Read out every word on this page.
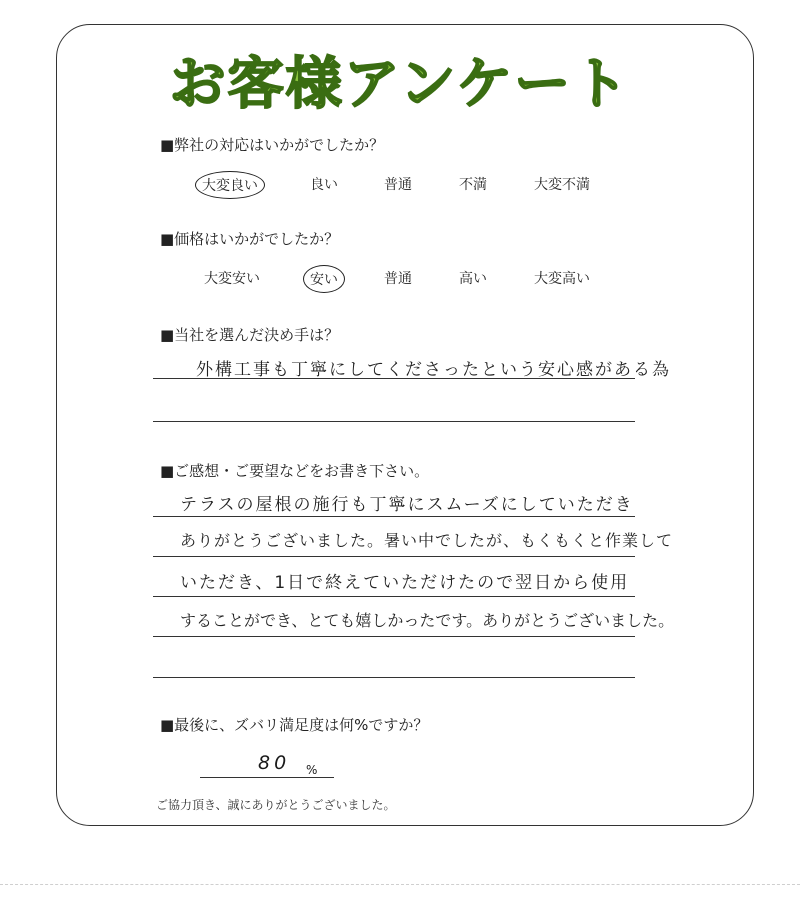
お客様アンケート
■弊社の対応はいかがでしたか？
大変良い	良い	普通	不満	大変不満
■価格はいかがでしたか？
大変安い	安い	普通	高い	大変高い
■当社を選んだ決め手は？
外構工事も丁寧にしてくださったという安心感がある為
■ご感想・ご要望などをお書き下さい。
テラスの屋根の施行も丁寧にスムーズにしていただき
ありがとうございました。暑い中でしたが、もくもくと作業して
いただき、1日で終えていただけたので翌日から使用
することができ、とても嬉しかったです。ありがとうございました。
■最後に、ズバリ満足度は何%ですか？
80 %
ご協力頂き、誠にありがとうございました。
